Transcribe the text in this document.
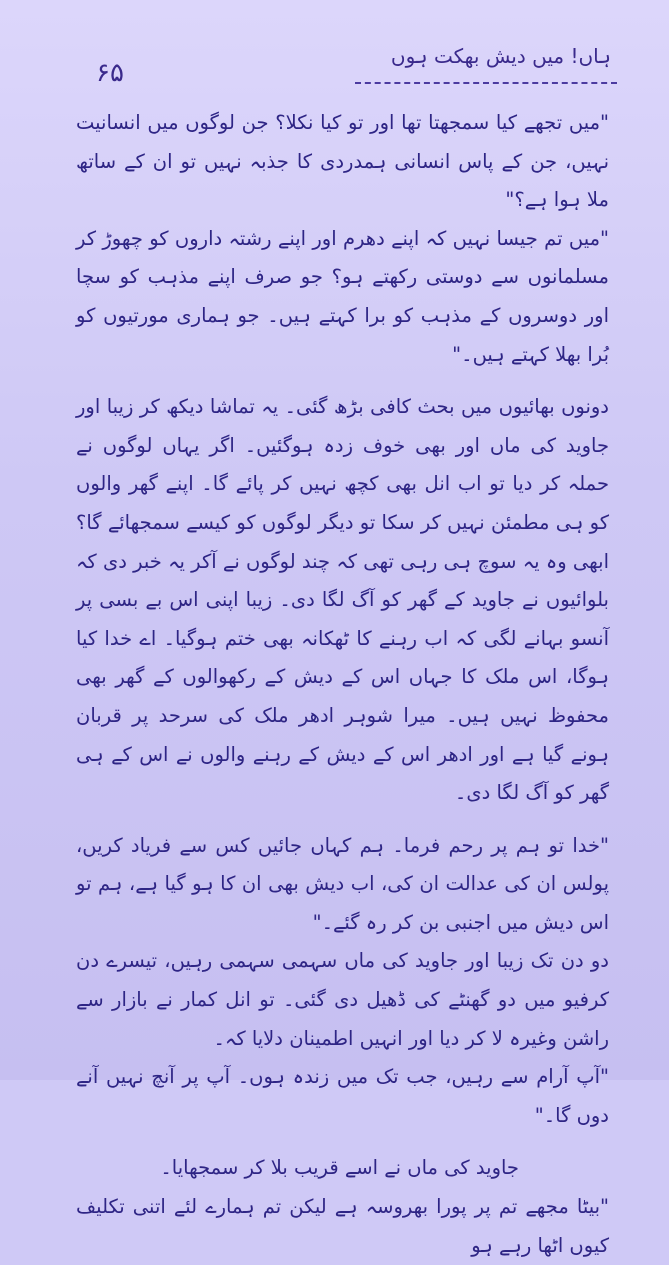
۶۵
ہاں! میں دیش بھکت ہوں

"میں تجھے کیا سمجھتا تھا اور تو کیا نکلا؟ جن لوگوں میں انسانیت نہیں، جن کے پاس انسانی ہمدردی کا جذبہ نہیں تو ان کے ساتھ ملا ہوا ہے؟"

"میں تم جیسا نہیں کہ اپنے دھرم اور اپنے رشتہ داروں کو چھوڑ کر مسلمانوں سے دوستی رکھتے ہو؟ جو صرف اپنے مذہب کو سچا اور دوسروں کے مذہب کو برا کہتے ہیں۔ جو ہماری مورتیوں کو بُرا بھلا کہتے ہیں۔"

دونوں بھائیوں میں بحث کافی بڑھ گئی۔ یہ تماشا دیکھ کر زیبا اور جاوید کی ماں اور بھی خوف زدہ ہوگئیں۔ اگر یہاں لوگوں نے حملہ کر دیا تو اب انل بھی کچھ نہیں کر پائے گا۔ اپنے گھر والوں کو ہی مطمئن نہیں کر سکا تو دیگر لوگوں کو کیسے سمجھائے گا؟ ابھی وہ یہ سوچ ہی رہی تھی کہ چند لوگوں نے آکر یہ خبر دی کہ بلوائیوں نے جاوید کے گھر کو آگ لگا دی۔ زیبا اپنی اس بے بسی پر آنسو بہانے لگی کہ اب رہنے کا ٹھکانہ بھی ختم ہوگیا۔ اے خدا کیا ہوگا، اس ملک کا جہاں اس کے دیش کے رکھوالوں کے گھر بھی محفوظ نہیں ہیں۔ میرا شوہر ادھر ملک کی سرحد پر قربان ہونے گیا ہے اور ادھر اس کے دیش کے رہنے والوں نے اس کے ہی گھر کو آگ لگا دی۔

"خدا تو ہم پر رحم فرما۔ ہم کہاں جائیں کس سے فریاد کریں، پولس ان کی عدالت ان کی، اب دیش بھی ان کا ہو گیا ہے، ہم تو اس دیش میں اجنبی بن کر رہ گئے۔"

دو دن تک زیبا اور جاوید کی ماں سہمی سہمی رہیں، تیسرے دن کرفیو میں دو گھنٹے کی ڈھیل دی گئی۔ تو انل کمار نے بازار سے راشن وغیرہ لا کر دیا اور انہیں اطمینان دلایا کہ۔

"آپ آرام سے رہیں، جب تک میں زندہ ہوں۔ آپ پر آنچ نہیں آنے دوں گا۔"

جاوید کی ماں نے اسے قریب بلا کر سمجھایا۔

"بیٹا مجھے تم پر پورا بھروسہ ہے لیکن تم ہمارے لئے اتنی تکلیف کیوں اٹھا رہے ہو
